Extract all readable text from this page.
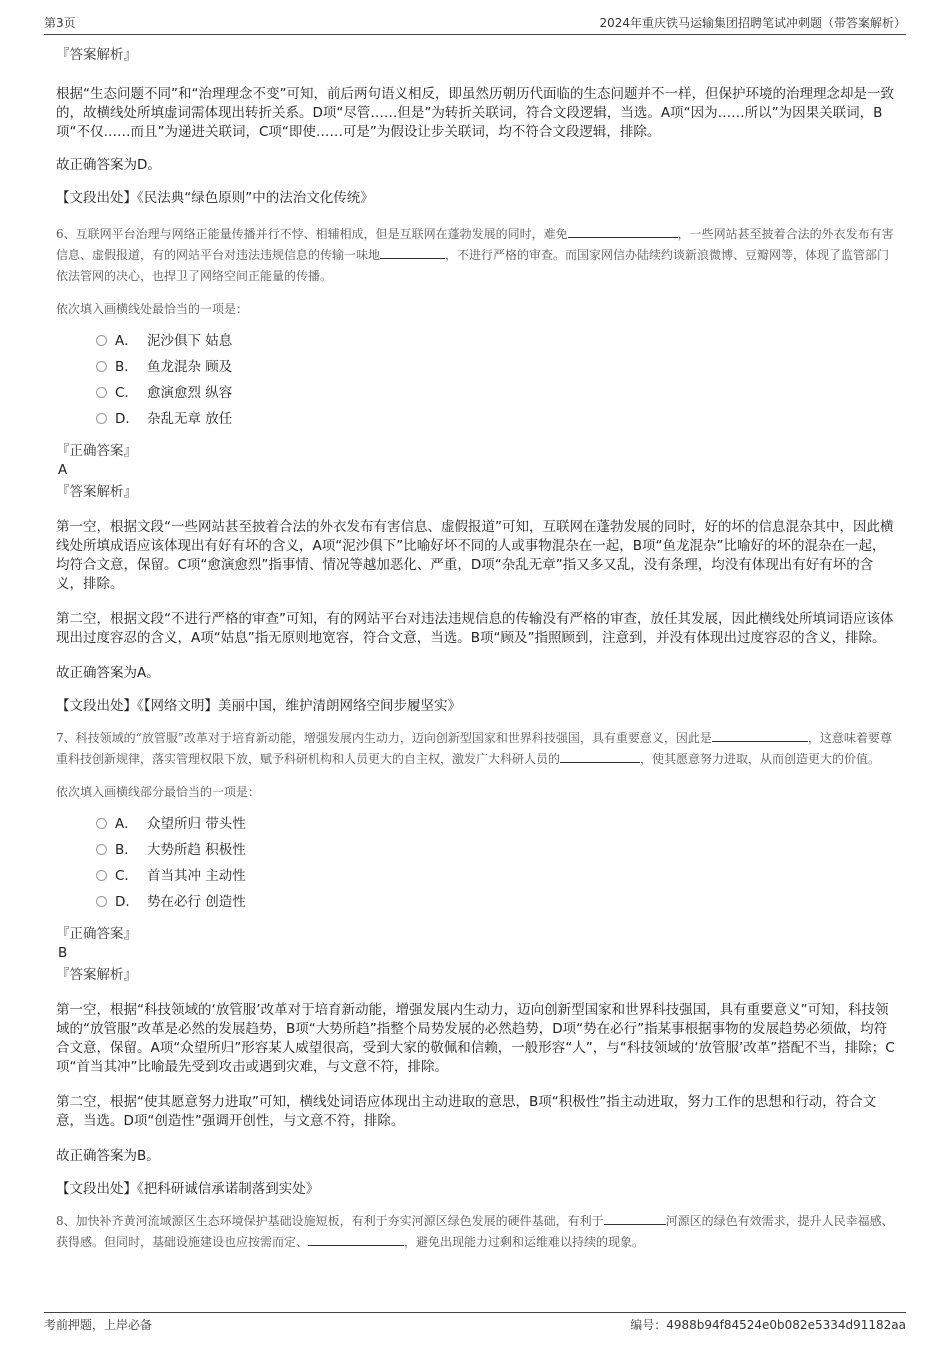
第3页	2024年重庆铁马运输集团招聘笔试冲刺题（带答案解析）
『答案解析』

根据“生态问题不同”和“治理理念不变”可知，前后两句语义相反，即虽然历朝历代面临的生态问题并不一样，但保护环境的治理理念却是一致的，故横线处所填虚词需体现出转折关系。D项“尽管……但是”为转折关联词，符合文段逻辑，当选。A项“因为……所以”为因果关联词，B项“不仅……而且”为递进关联词，C项“即使……可是”为假设让步关联词，均不符合文段逻辑，排除。

故正确答案为D。

【文段出处】《民法典“绿色原则”中的法治文化传统》
6、互联网平台治理与网络正能量传播并行不悖、相辅相成，但是互联网在蓬勃发展的同时，难免	，一些网站甚至披着合法的外衣发布有害信息、虚假报道，有的网站平台对违法违规信息的传输一味地	，不进行严格的审查。而国家网信办陆续约谈新浪微博、豆瓣网等，体现了监管部门依法管网的决心，也捍卫了网络空间正能量的传播。
依次填入画横线处最恰当的一项是：
A． 泥沙俱下 姑息
B． 鱼龙混杂 顾及
C． 愈演愈烈 纵容
D． 杂乱无章 放任
『正确答案』
A
『答案解析』

第一空，根据文段“一些网站甚至披着合法的外衣发布有害信息、虚假报道”可知，互联网在蓬勃发展的同时，好的坏的信息混杂其中，因此横线处所填成语应该体现出有好有坏的含义，A项“泥沙俱下”比喻好坏不同的人或事物混杂在一起，B项“鱼龙混杂”比喻好的坏的混杂在一起，均符合文意，保留。C项“愈演愈烈”指事情、情况等越加恶化、严重，D项“杂乱无章”指又多又乱，没有条理，均没有体现出有好有坏的含义，排除。

第二空，根据文段“不进行严格的审查”可知，有的网站平台对违法违规信息的传输没有严格的审查，放任其发展，因此横线处所填词语应该体现出过度容忍的含义，A项“姑息”指无原则地宽容，符合文意，当选。B项“顾及”指照顾到，注意到，并没有体现出过度容忍的含义，排除。

故正确答案为A。

【文段出处】《【网络文明】美丽中国，维护清朗网络空间步履坚实》
7、科技领域的“放管服”改革对于培育新动能，增强发展内生动力，迈向创新型国家和世界科技强国，具有重要意义，因此是	，这意味着要尊重科技创新规律，落实管理权限下放，赋予科研机构和人员更大的自主权，激发广大科研人员的	，使其愿意努力进取，从而创造更大的价值。
依次填入画横线部分最恰当的一项是：
A． 众望所归 带头性
B． 大势所趋 积极性
C． 首当其冲 主动性
D． 势在必行 创造性
『正确答案』
B
『答案解析』

第一空，根据“科技领域的‘放管服’改革对于培育新动能，增强发展内生动力，迈向创新型国家和世界科技强国，具有重要意义”可知，科技领域的“放管服”改革是必然的发展趋势，B项“大势所趋”指整个局势发展的必然趋势，D项“势在必行”指某事根据事物的发展趋势必须做，均符合文意，保留。A项“众望所归”形容某人威望很高，受到大家的敬佩和信赖，一般形容“人”，与“科技领域的‘放管服’改革”搭配不当，排除；C项“首当其冲”比喻最先受到攻击或遇到灾难，与文意不符，排除。

第二空，根据“使其愿意努力进取”可知，横线处词语应体现出主动进取的意思，B项“积极性”指主动进取，努力工作的思想和行动，符合文意，当选。D项“创造性”强调开创性，与文意不符，排除。

故正确答案为B。

【文段出处】《把科研诚信承诺制落到实处》
8、加快补齐黄河流域源区生态环境保护基础设施短板，有利于夯实河源区绿色发展的硬件基础，有利于	河源区的绿色有效需求，提升人民幸福感、获得感。但同时，基础设施建设也应按需而定、	，避免出现能力过剩和运维难以持续的现象。
考前押题，上岸必备	编号：4988b94f84524e0b082e5334d91182aa
